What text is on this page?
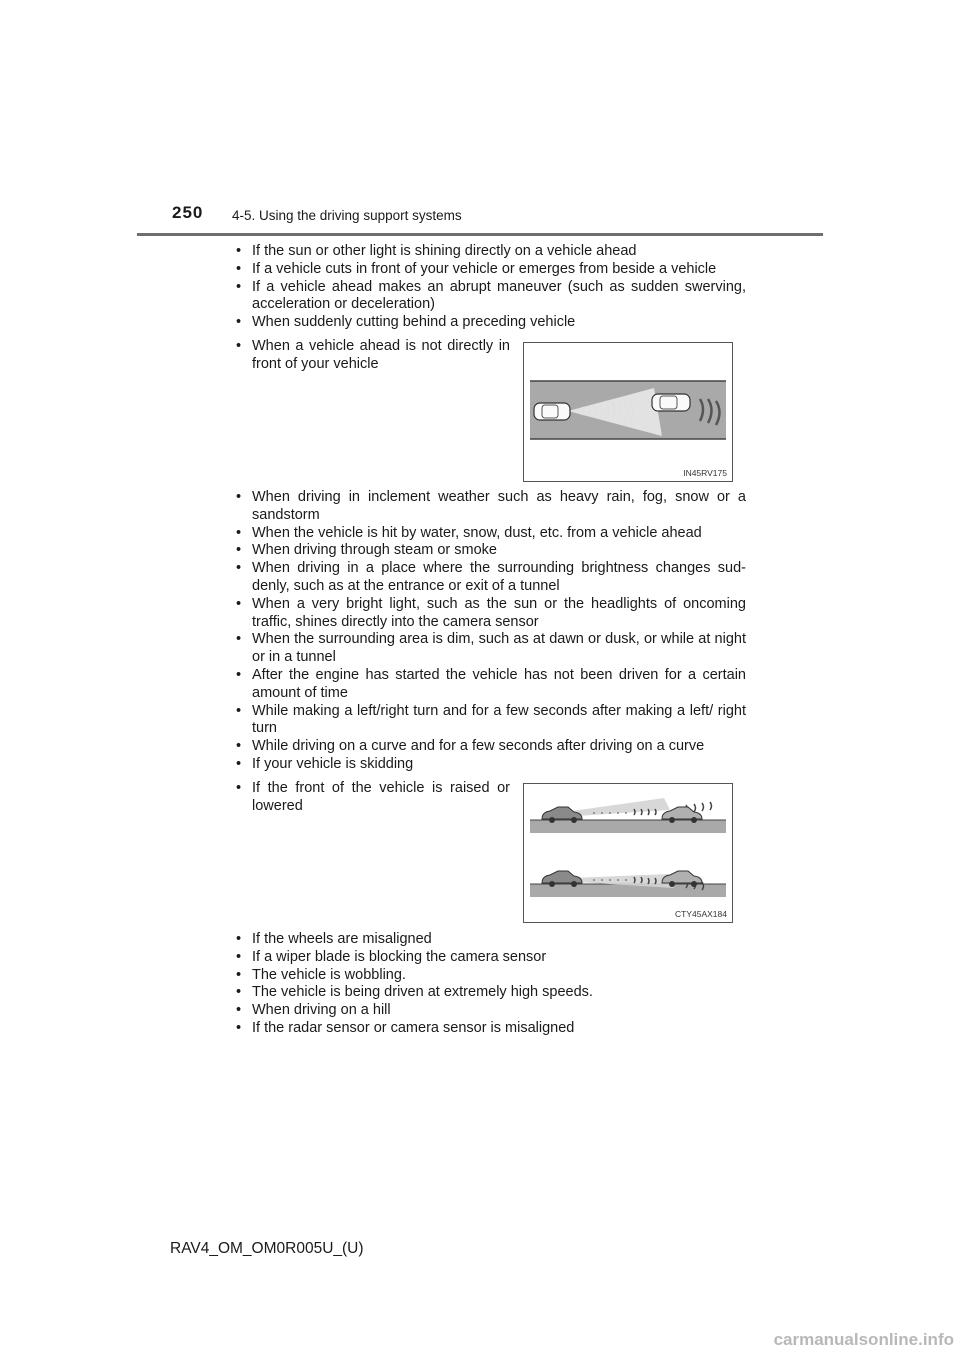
250 4-5. Using the driving support systems
• If the sun or other light is shining directly on a vehicle ahead
• If a vehicle cuts in front of your vehicle or emerges from beside a vehicle
• If a vehicle ahead makes an abrupt maneuver (such as sudden swerving, acceleration or deceleration)
• When suddenly cutting behind a preceding vehicle
• When a vehicle ahead is not directly in front of your vehicle
IN45RV175
• When driving in inclement weather such as heavy rain, fog, snow or a sandstorm
• When the vehicle is hit by water, snow, dust, etc. from a vehicle ahead
• When driving through steam or smoke
• When driving in a place where the surrounding brightness changes sud-denly, such as at the entrance or exit of a tunnel
• When a very bright light, such as the sun or the headlights of oncoming traffic, shines directly into the camera sensor
• When the surrounding area is dim, such as at dawn or dusk, or while at night or in a tunnel
• After the engine has started the vehicle has not been driven for a certain amount of time
• While making a left/right turn and for a few seconds after making a left/ right turn
• While driving on a curve and for a few seconds after driving on a curve
• If your vehicle is skidding
• If the front of the vehicle is raised or lowered
CTY45AX184
• If the wheels are misaligned
• If a wiper blade is blocking the camera sensor
• The vehicle is wobbling.
• The vehicle is being driven at extremely high speeds.
• When driving on a hill
• If the radar sensor or camera sensor is misaligned
RAV4_OM_OM0R005U_(U)
carmanualsonline.info
